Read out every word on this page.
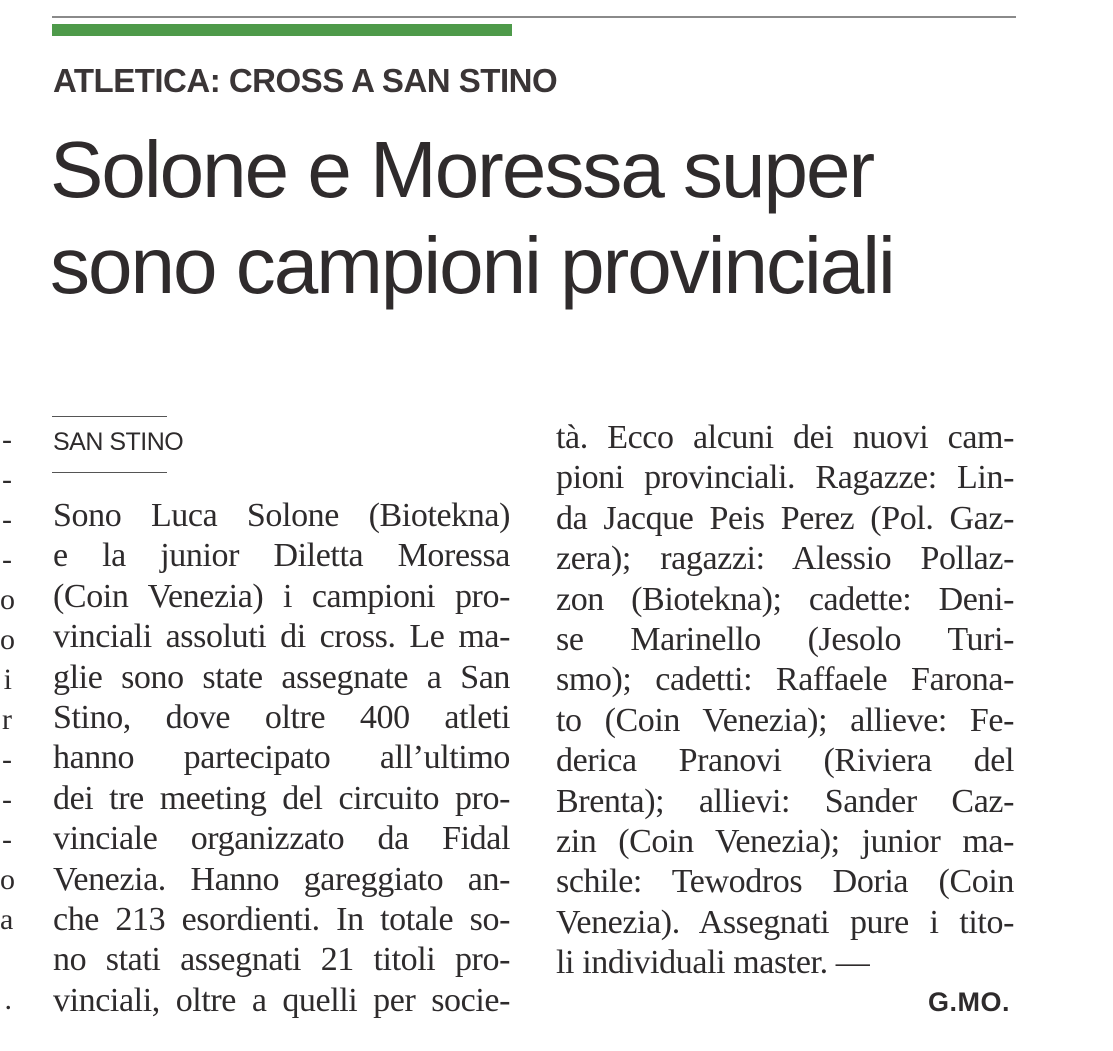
ATLETICA: CROSS A SAN STINO
Solone e Moressa super
sono campioni provinciali
-
-
-
-
o
o
i
r
-
-
-
o
a
.
SAN STINO
Sono Luca Solone (Biotekna)
e la junior Diletta Moressa
(Coin Venezia) i campioni pro-
vinciali assoluti di cross. Le ma-
glie sono state assegnate a San
Stino, dove oltre 400 atleti
hanno partecipato all’ultimo
dei tre meeting del circuito pro-
vinciale organizzato da Fidal
Venezia. Hanno gareggiato an-
che 213 esordienti. In totale so-
no stati assegnati 21 titoli pro-
vinciali, oltre a quelli per socie-
tà. Ecco alcuni dei nuovi cam-
pioni provinciali. Ragazze: Lin-
da Jacque Peis Perez (Pol. Gaz-
zera); ragazzi: Alessio Pollaz-
zon (Biotekna); cadette: Deni-
se Marinello (Jesolo Turi-
smo); cadetti: Raffaele Farona-
to (Coin Venezia); allieve: Fe-
derica Pranovi (Riviera del
Brenta); allievi: Sander Caz-
zin (Coin Venezia); junior ma-
schile: Tewodros Doria (Coin
Venezia). Assegnati pure i tito-
li individuali master. —
G.MO.
